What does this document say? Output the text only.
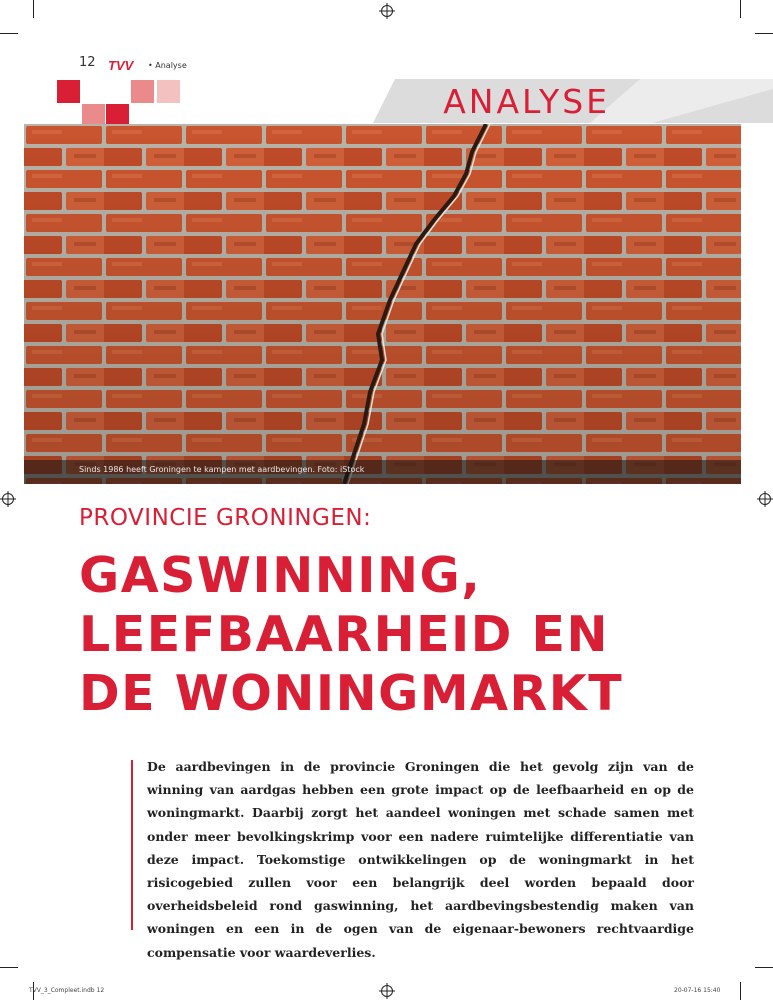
12 TVV • Analyse
ANALYSE
Sinds 1986 heeft Groningen te kampen met aardbevingen. Foto: iStock
PROVINCIE GRONINGEN:
GASWINNING,
LEEFBAARHEID EN
DE WONINGMARKT

De aardbevingen in de provincie Groningen die het gevolg zijn van de winning van aardgas hebben een grote impact op de leefbaarheid en op de woningmarkt. Daarbij zorgt het aandeel woningen met schade samen met onder meer bevolkingskrimp voor een nadere ruimtelijke differentiatie van deze impact. Toekomstige ontwikkelingen op de woningmarkt in het risicogebied zullen voor een belangrijk deel worden bepaald door overheidsbeleid rond gaswinning, het aardbevingsbestendig maken van woningen en een in de ogen van de eigenaar-bewoners rechtvaardige compensatie voor waardeverlies.

TVV_3_Compleet.indb 12	20-07-16 15:40
